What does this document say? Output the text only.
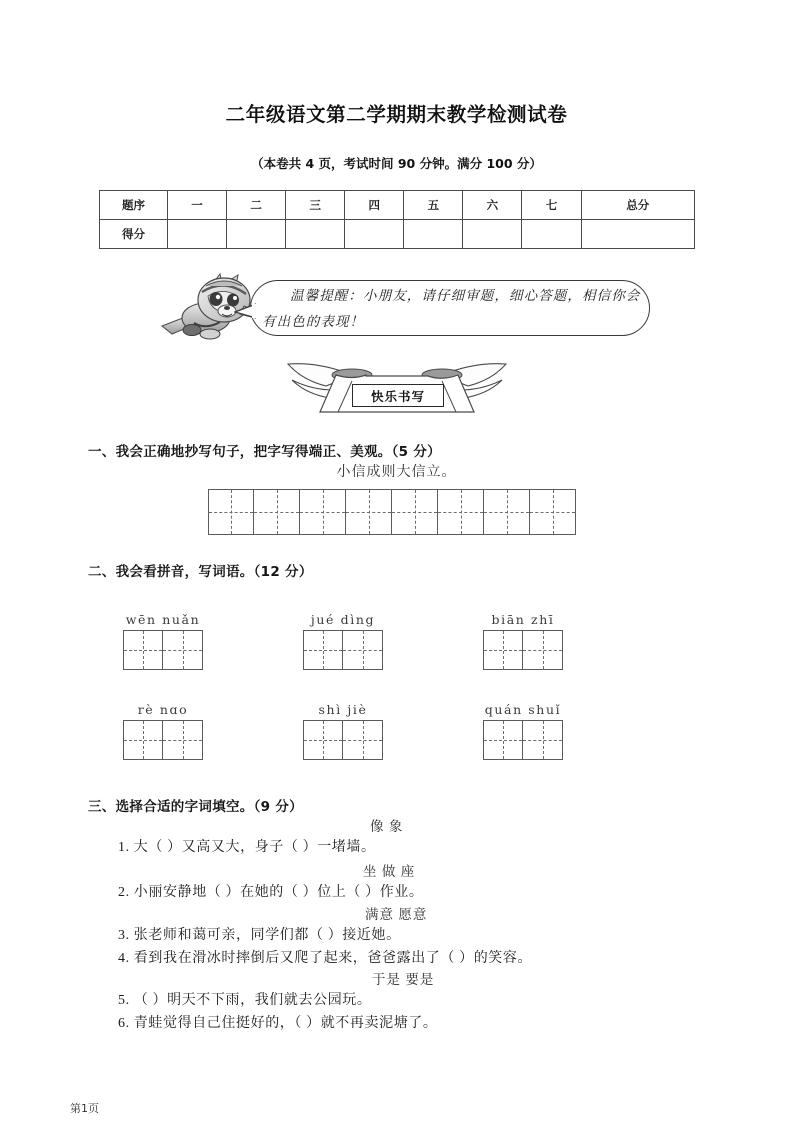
二年级语文第二学期期末教学检测试卷
（本卷共 4 页，考试时间 90 分钟。满分 100 分）
题序	一	二	三	四	五	六	七	总分
得分								
温馨提醒：小朋友，请仔细审题，细心答题，相信你会有出色的表现！
快乐书写
一、我会正确地抄写句子，把字写得端正、美观。（5 分）
小信成则大信立。
二、我会看拼音，写词语。（12 分）
wēn nuǎn	jué dìng	biān zhī
rè nɑo	shì jiè	quán shuǐ
三、选择合适的字词填空。（9 分）
像 象
1. 大（ ）又高又大，身子（ ）一堵墙。
坐 做 座
2. 小丽安静地（ ）在她的（ ）位上（ ）作业。
满意 愿意
3. 张老师和蔼可亲，同学们都（ ）接近她。
4. 看到我在滑冰时摔倒后又爬了起来，爸爸露出了（ ）的笑容。
于是 要是
5. （ ）明天不下雨，我们就去公园玩。
6. 青蛙觉得自己住挺好的，（ ）就不再卖泥塘了。
第1页
